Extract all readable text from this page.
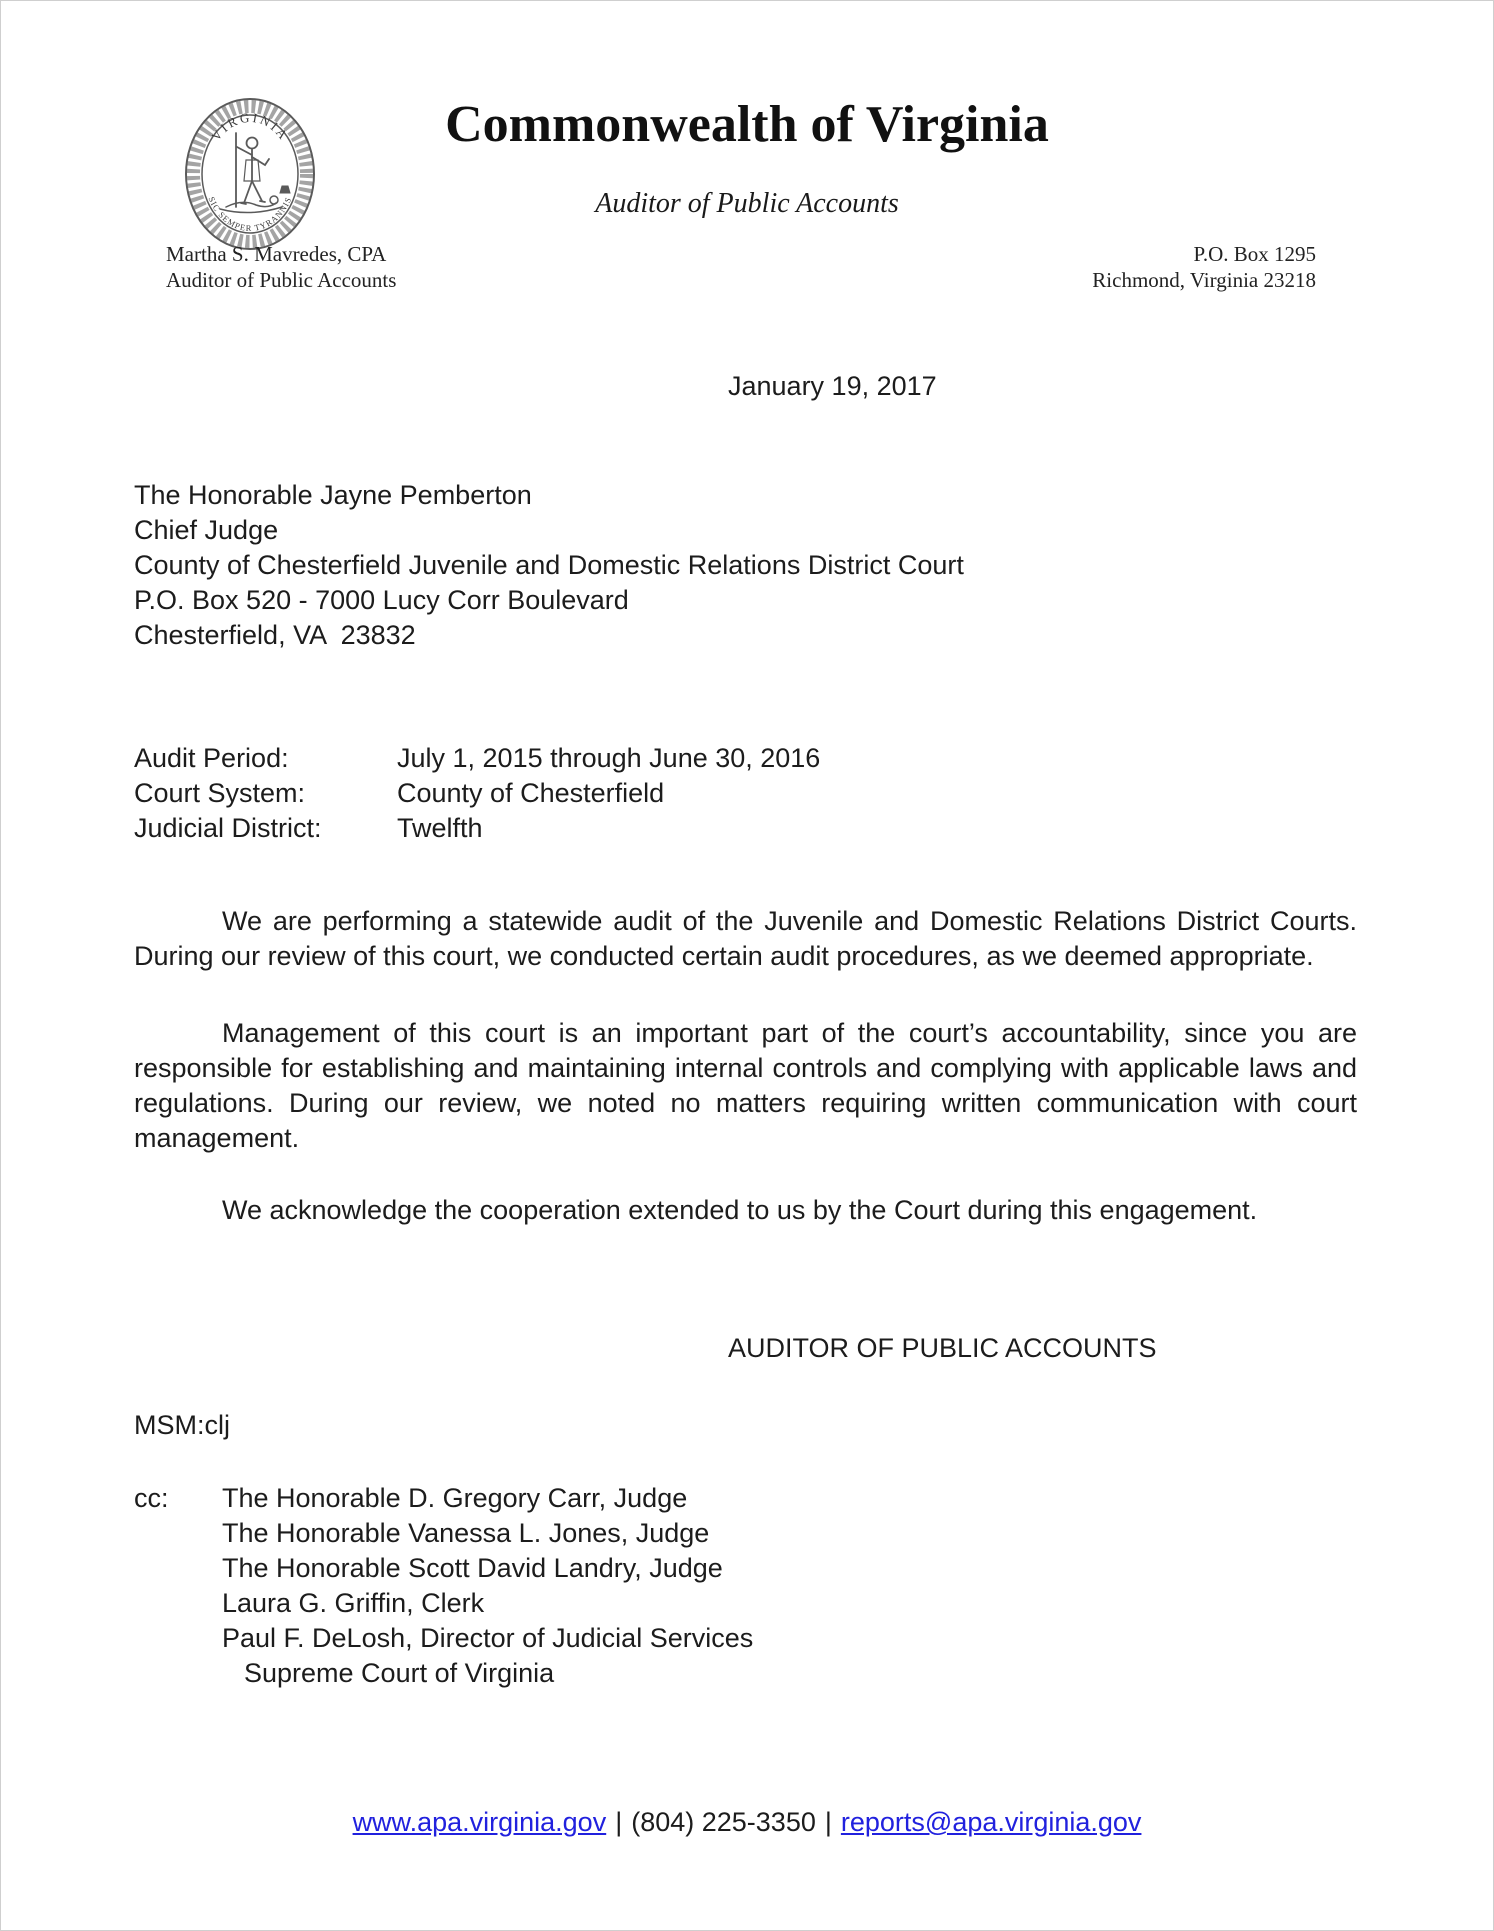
VIRGINIA
SIC SEMPER TYRANNIS
Commonwealth of Virginia
Auditor of Public Accounts
Martha S. Mavredes, CPA
Auditor of Public Accounts
P.O. Box 1295
Richmond, Virginia 23218
January 19, 2017
The Honorable Jayne Pemberton
Chief Judge
County of Chesterfield Juvenile and Domestic Relations District Court
P.O. Box 520 - 7000 Lucy Corr Boulevard
Chesterfield, VA  23832
Audit Period:	July 1, 2015 through June 30, 2016
Court System:	County of Chesterfield
Judicial District:	Twelfth

We are performing a statewide audit of the Juvenile and Domestic Relations District Courts. During our review of this court, we conducted certain audit procedures, as we deemed appropriate.

Management of this court is an important part of the court’s accountability, since you are responsible for establishing and maintaining internal controls and complying with applicable laws and regulations. During our review, we noted no matters requiring written communication with court management.

We acknowledge the cooperation extended to us by the Court during this engagement.

AUDITOR OF PUBLIC ACCOUNTS
MSM:clj
cc:	The Honorable D. Gregory Carr, Judge
The Honorable Vanessa L. Jones, Judge
The Honorable Scott David Landry, Judge
Laura G. Griffin, Clerk
Paul F. DeLosh, Director of Judicial Services
Supreme Court of Virginia
www.apa.virginia.gov | (804) 225-3350 | reports@apa.virginia.gov
